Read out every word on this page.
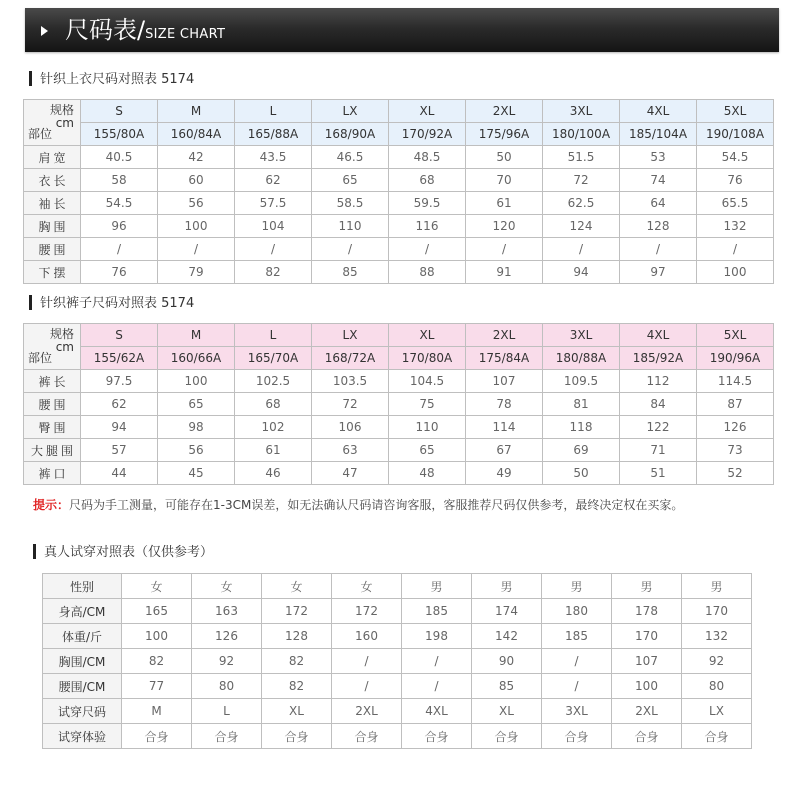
尺码表/SIZE CHART
针织上衣尺码对照表 5174
规格
cm
部位	S	M	L	LX	XL	2XL	3XL	4XL	5XL
	155/80A	160/84A	165/88A	168/90A	170/92A	175/96A	180/100A	185/104A	190/108A
肩宽	40.5	42	43.5	46.5	48.5	50	51.5	53	54.5
衣长	58	60	62	65	68	70	72	74	76
袖长	54.5	56	57.5	58.5	59.5	61	62.5	64	65.5
胸围	96	100	104	110	116	120	124	128	132
腰围	/	/	/	/	/	/	/	/	/
下摆	76	79	82	85	88	91	94	97	100
针织裤子尺码对照表 5174
规格
cm
部位	S	M	L	LX	XL	2XL	3XL	4XL	5XL
	155/62A	160/66A	165/70A	168/72A	170/80A	175/84A	180/88A	185/92A	190/96A
裤长	97.5	100	102.5	103.5	104.5	107	109.5	112	114.5
腰围	62	65	68	72	75	78	81	84	87
臀围	94	98	102	106	110	114	118	122	126
大腿围	57	56	61	63	65	67	69	71	73
裤口	44	45	46	47	48	49	50	51	52
提示：尺码为手工测量，可能存在1-3CM误差，如无法确认尺码请咨询客服，客服推荐尺码仅供参考，最终决定权在买家。
真人试穿对照表（仅供参考）
性别	女	女	女	女	男	男	男	男	男
身高/CM	165	163	172	172	185	174	180	178	170
体重/斤	100	126	128	160	198	142	185	170	132
胸围/CM	82	92	82	/	/	90	/	107	92
腰围/CM	77	80	82	/	/	85	/	100	80
试穿尺码	M	L	XL	2XL	4XL	XL	3XL	2XL	LX
试穿体验	合身	合身	合身	合身	合身	合身	合身	合身	合身
